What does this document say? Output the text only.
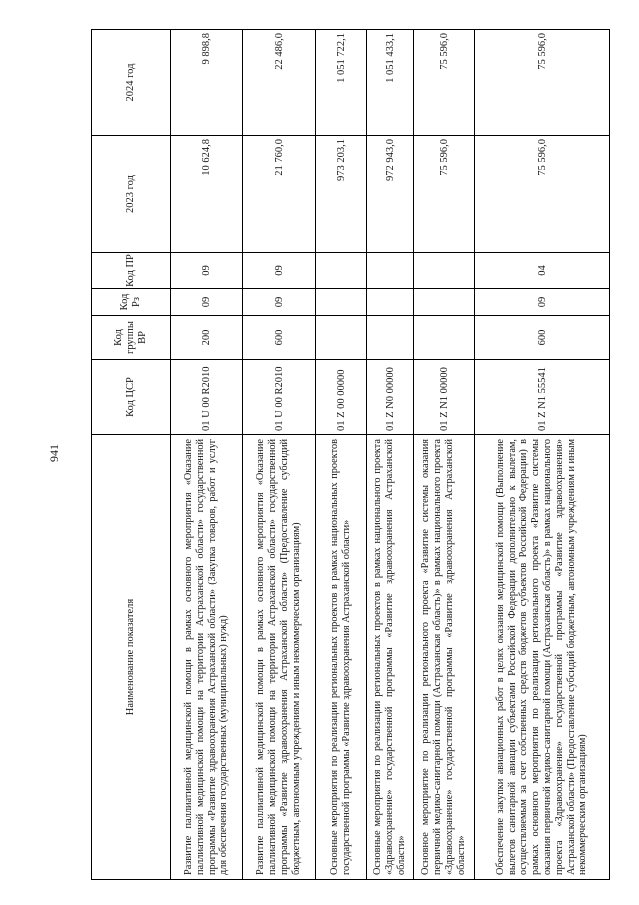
941
Наименование показателя	Код ЦСР	Код группы ВР	Код Рз	Код ПР	2023 год	2024 год
Развитие паллиативной медицинской помощи в рамках основного мероприятия «Оказание паллиативной медицинской помощи на территории Астраханской области» государственной программы «Развитие здравоохранения Астраханской области» (Закупка товаров, работ и услуг для обеспечения государственных (муниципальных) нужд)	01 U 00 R2010	200	09	09	10 624,8	9 898,8
Развитие паллиативной медицинской помощи в рамках основного мероприятия «Оказание паллиативной медицинской помощи на территории Астраханской области» государственной программы «Развитие здравоохранения Астраханской области» (Предоставление субсидий бюджетным, автономным учреждениям и иным некоммерческим организациям)	01 U 00 R2010	600	09	09	21 760,0	22 486,0
Основные мероприятия по реализации региональных проектов в рамках национальных проектов государственной программы «Развитие здравоохранения Астраханской области»	01 Z 00 00000				973 203,1	1 051 722,1
Основные мероприятия по реализации региональных проектов в рамках национального проекта «Здравоохранение» государственной программы «Развитие здравоохранения Астраханской области»	01 Z N0 00000				972 943,0	1 051 433,1
Основное мероприятие по реализации регионального проекта «Развитие системы оказания первичной медико-санитарной помощи (Астраханская область)» в рамках национального проекта «Здравоохранение» государственной программы «Развитие здравоохранения Астраханской области»	01 Z N1 00000				75 596,0	75 596,0
Обеспечение закупки авиационных работ в целях оказания медицинской помощи (Выполнение вылетов санитарной авиации субъектами Российской Федерации дополнительно к вылетам, осуществляемым за счет собственных средств бюджетов субъектов Российской Федерации) в рамках основного мероприятия по реализации регионального проекта «Развитие системы оказания первичной медико-санитарной помощи (Астраханская область)» в рамках национального проекта «Здравоохранение» государственной программы «Развитие здравоохранения» Астраханской области» (Предоставление субсидий бюджетным, автономным учреждениям и иным некоммерческим организациям)	01 Z N1 55541	600	09	04	75 596,0	75 596,0
